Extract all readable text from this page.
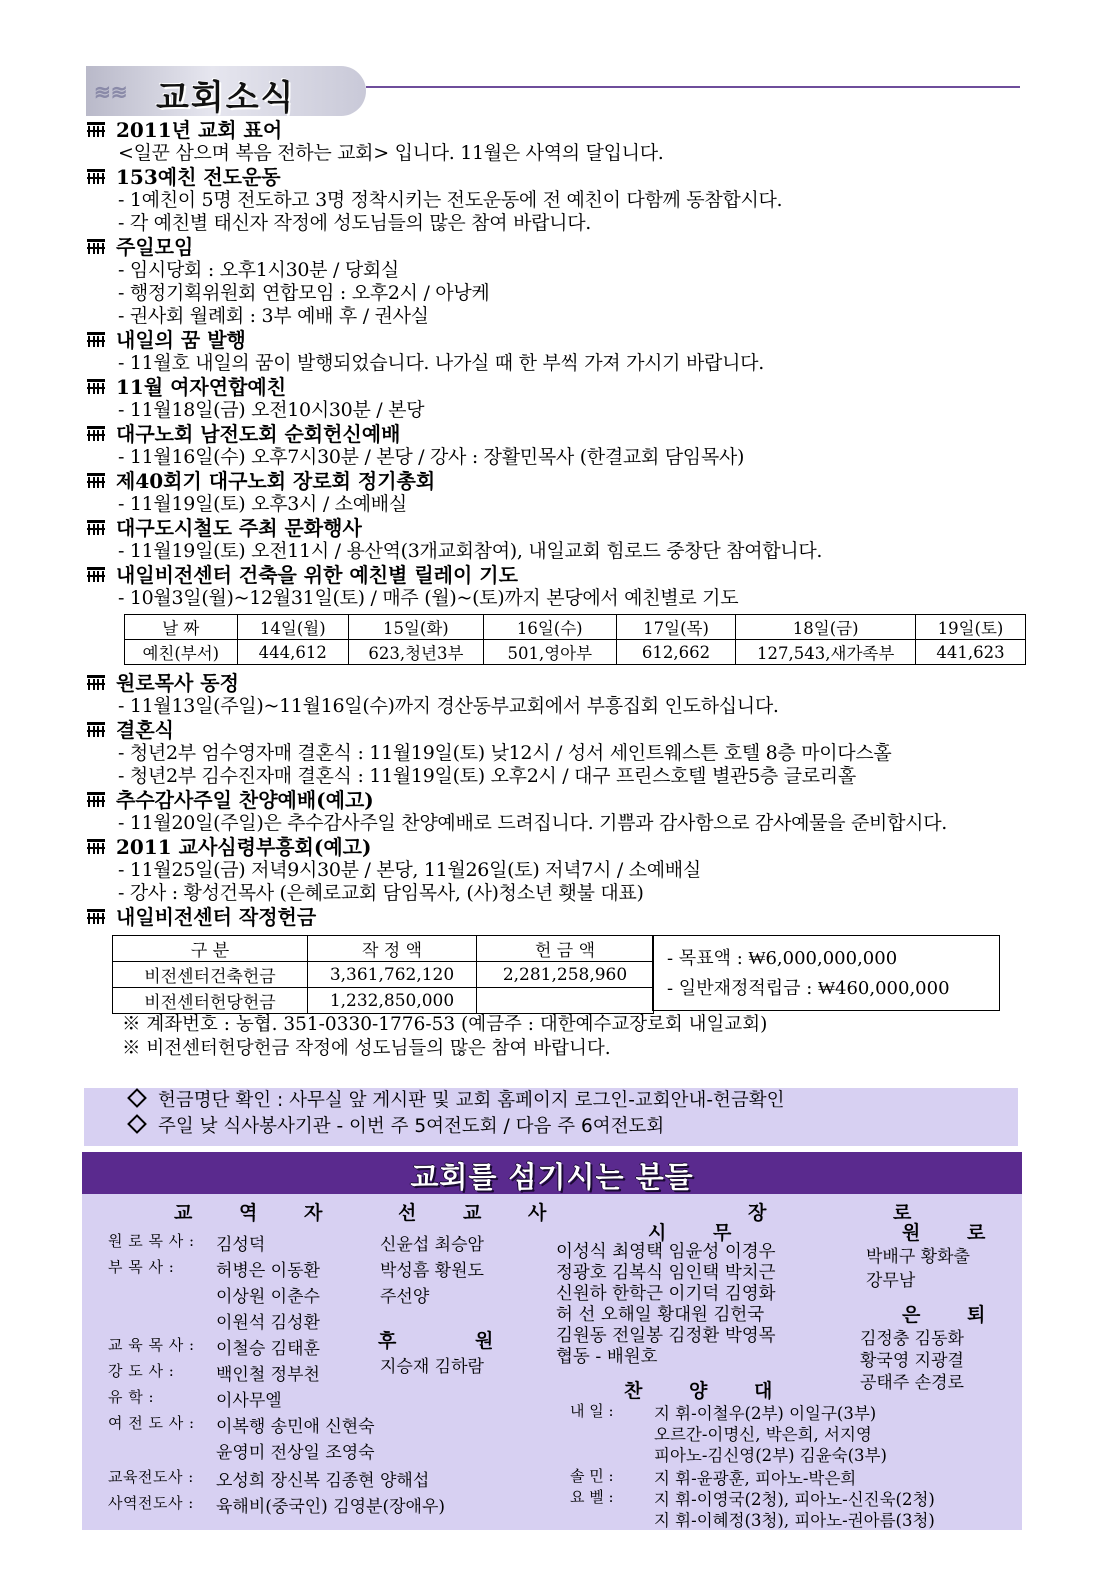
≋≋ 교회소식
2011년 교회 표어
<일꾼 삼으며 복음 전하는 교회> 입니다. 11월은 사역의 달입니다.
153예친 전도운동
- 1예친이 5명 전도하고 3명 정착시키는 전도운동에 전 예친이 다함께 동참합시다.
- 각 예친별 태신자 작정에 성도님들의 많은 참여 바랍니다.
주일모임
- 임시당회 : 오후1시30분 / 당회실
- 행정기획위원회 연합모임 : 오후2시 / 아낭케
- 권사회 월례회 : 3부 예배 후 / 권사실
내일의 꿈 발행
- 11월호 내일의 꿈이 발행되었습니다. 나가실 때 한 부씩 가져 가시기 바랍니다.
11월 여자연합예친
- 11월18일(금) 오전10시30분 / 본당
대구노회 남전도회 순회헌신예배
- 11월16일(수) 오후7시30분 / 본당 / 강사 : 장활민목사 (한결교회 담임목사)
제40회기 대구노회 장로회 정기총회
- 11월19일(토) 오후3시 / 소예배실
대구도시철도 주최 문화행사
- 11월19일(토) 오전11시 / 용산역(3개교회참여), 내일교회 힘로드 중창단 참여합니다.
내일비전센터 건축을 위한 예친별 릴레이 기도
- 10월3일(월)~12월31일(토) / 매주 (월)~(토)까지 본당에서 예친별로 기도
날 짜	14일(월)	15일(화)	16일(수)	17일(목)	18일(금)	19일(토)
예친(부서)	444,612	623,청년3부	501,영아부	612,662	127,543,새가족부	441,623
원로목사 동정
- 11월13일(주일)~11월16일(수)까지 경산동부교회에서 부흥집회 인도하십니다.
결혼식
- 청년2부 엄수영자매 결혼식 : 11월19일(토) 낮12시 / 성서 세인트웨스튼 호텔 8층 마이다스홀
- 청년2부 김수진자매 결혼식 : 11월19일(토) 오후2시 / 대구 프린스호텔 별관5층 글로리홀
추수감사주일 찬양예배(예고)
- 11월20일(주일)은 추수감사주일 찬양예배로 드려집니다. 기쁨과 감사함으로 감사예물을 준비합시다.
2011 교사심령부흥회(예고)
- 11월25일(금) 저녁9시30분 / 본당, 11월26일(토) 저녁7시 / 소예배실
- 강사 : 황성건목사 (은혜로교회 담임목사, (사)청소년 횃불 대표)
내일비전센터 작정헌금
구 분	작 정 액	헌 금 액
비전센터건축헌금	3,361,762,120	2,281,258,960
비전센터헌당헌금	1,232,850,000	
- 목표액 : ₩6,000,000,000
- 일반재정적립금 : ₩460,000,000
※ 계좌번호 : 농협. 351-0330-1776-53 (예금주 : 대한예수교장로회 내일교회)
※ 비전센터헌당헌금 작정에 성도님들의 많은 참여 바랍니다.
헌금명단 확인 : 사무실 앞 게시판 및 교회 홈페이지 로그인-교회안내-헌금확인
주일 낮 식사봉사기관 - 이번 주 5여전도회 / 다음 주 6여전도회
교회를 섬기시는 분들
교 역 자	선 교 사	장 로
시 무	원 로
은 퇴
후 원
찬 양 대
원 로 목 사 : 김성덕
부 목 사 : 허병은 이동환
이상원 이춘수
이원석 김성환
교 육 목 사 : 이철승 김태훈
강 도 사 : 백인철 정부천
유 학 :	이사무엘
여 전 도 사 : 이복행 송민애 신현숙
윤영미 전상일 조영숙
교육전도사 : 오성희 장신복 김종현 양해섭
사역전도사 : 육해비(중국인) 김영분(장애우)
신윤섭 최승암
박성흠 황원도
주선양
지승재 김하람
이성식 최영택 임윤성 이경우
정광호 김복식 임인택 박치근
신원하 한학근 이기덕 김영화
허 선 오해일 황대원 김헌국
김원동 전일봉 김정환 박영목
협동 - 배원호
박배구 황화출
강무남
김정충 김동화
황국영 지광결
공태주 손경로
내 일 : 지 휘-이철우(2부) 이일구(3부)
오르간-이명신, 박은희, 서지영
피아노-김신영(2부) 김윤숙(3부)
솔 민 : 지 휘-윤광훈, 피아노-박은희
요 벨 : 지 휘-이영국(2청), 피아노-신진욱(2청)
지 휘-이혜정(3청), 피아노-권아름(3청)
